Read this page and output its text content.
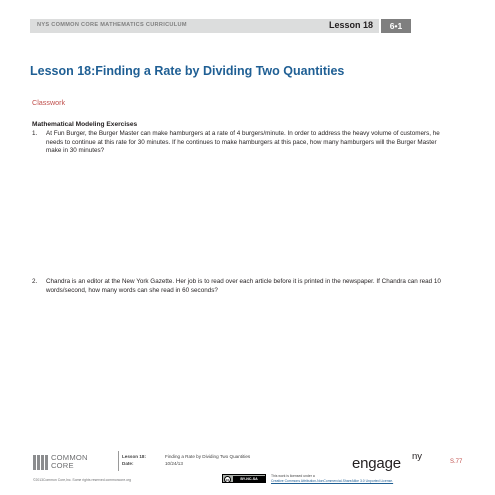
NYS COMMON CORE MATHEMATICS CURRICULUM	Lesson 18	6•1
Lesson 18:Finding a Rate by Dividing Two Quantities
Classwork
Mathematical Modeling Exercises
1. At Fun Burger, the Burger Master can make hamburgers at a rate of 4 burgers/minute. In order to address the heavy volume of customers, he needs to continue at this rate for 30 minutes. If he continues to make hamburgers at this pace, how many hamburgers will the Burger Master make in 30 minutes?
2. Chandra is an editor at the New York Gazette. Her job is to read over each article before it is printed in the newspaper. If Chandra can read 10 words/second, how many words can she read in 60 seconds?
COMMON
CORE
©2013Common Core,Inc. Some rights reserved.commoncore.org
Lesson 18:
Date:
Finding a Rate by Dividing Two Quantities
10/24/13
cc	BY-NC-SA
This work is licensed under a
Creative Commons Attribution-NonCommercial-ShareAlike 3.0 Unported License.
engage ny	S.77
